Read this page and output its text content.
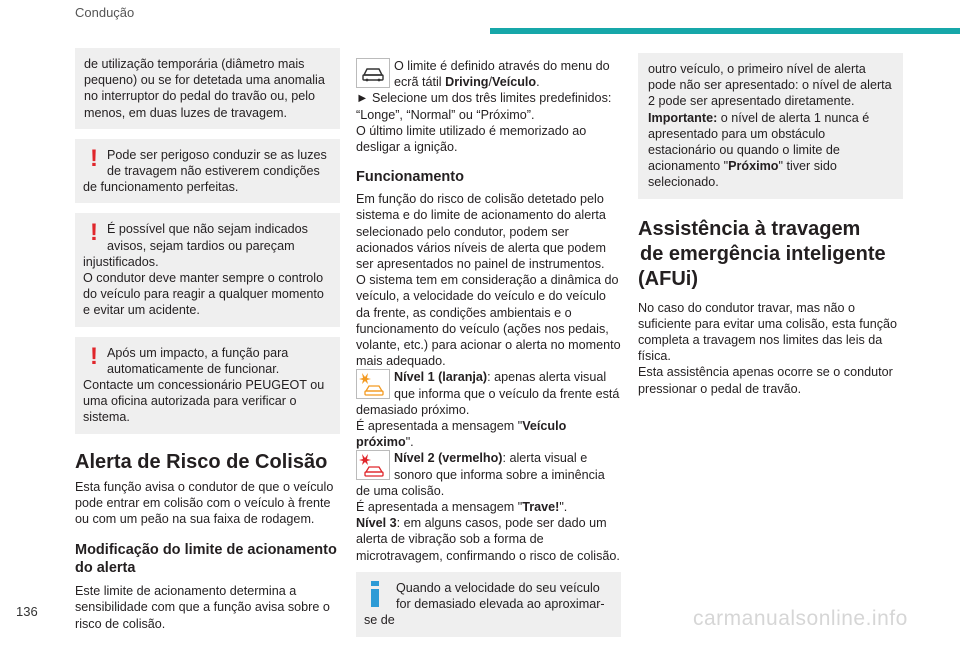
Condução

de utilização temporária (diâmetro mais pequeno) ou se for detetada uma anomalia no interruptor do pedal do travão ou, pelo menos, em duas luzes de travagem.

! Pode ser perigoso conduzir se as luzes de travagem não estiverem condições de funcionamento perfeitas.

! É possível que não sejam indicados avisos, sejam tardios ou pareçam injustificados.

O condutor deve manter sempre o controlo do veículo para reagir a qualquer momento e evitar um acidente.

! Após um impacto, a função para automaticamente de funcionar. Contacte um concessionário PEUGEOT ou uma oficina autorizada para verificar o sistema.

Alerta de Risco de Colisão

Esta função avisa o condutor de que o veículo pode entrar em colisão com o veículo à frente ou com um peão na sua faixa de rodagem.

Modificação do limite de acionamento do alerta

Este limite de acionamento determina a sensibilidade com que a função avisa sobre o risco de colisão.

O limite é definido através do menu do ecrã tátil Driving/Veículo.

► Selecione um dos três limites predefinidos: “Longe”, “Normal” ou “Próximo”.

O último limite utilizado é memorizado ao desligar a ignição.

Funcionamento

Em função do risco de colisão detetado pelo sistema e do limite de acionamento do alerta selecionado pelo condutor, podem ser acionados vários níveis de alerta que podem ser apresentados no painel de instrumentos.

O sistema tem em consideração a dinâmica do veículo, a velocidade do veículo e do veículo da frente, as condições ambientais e o funcionamento do veículo (ações nos pedais, volante, etc.) para acionar o alerta no momento mais adequado.

Nível 1 (laranja): apenas alerta visual que informa que o veículo da frente está demasiado próximo.

É apresentada a mensagem "Veículo próximo".

Nível 2 (vermelho): alerta visual e sonoro que informa sobre a iminência de uma colisão.

É apresentada a mensagem "Trave!".

Nível 3: em alguns casos, pode ser dado um alerta de vibração sob a forma de microtravagem, confirmando o risco de colisão.

Quando a velocidade do seu veículo for demasiado elevada ao aproximar-se de

outro veículo, o primeiro nível de alerta pode não ser apresentado: o nível de alerta 2 pode ser apresentado diretamente.

Importante: o nível de alerta 1 nunca é apresentado para um obstáculo estacionário ou quando o limite de acionamento "Próximo" tiver sido selecionado.

Assistência à travagem
de emergência inteligente
(AFUi)

No caso do condutor travar, mas não o suficiente para evitar uma colisão, esta função completa a travagem nos limites das leis da física.

Esta assistência apenas ocorre se o condutor pressionar o pedal de travão.

136	carmanualsonline.info
